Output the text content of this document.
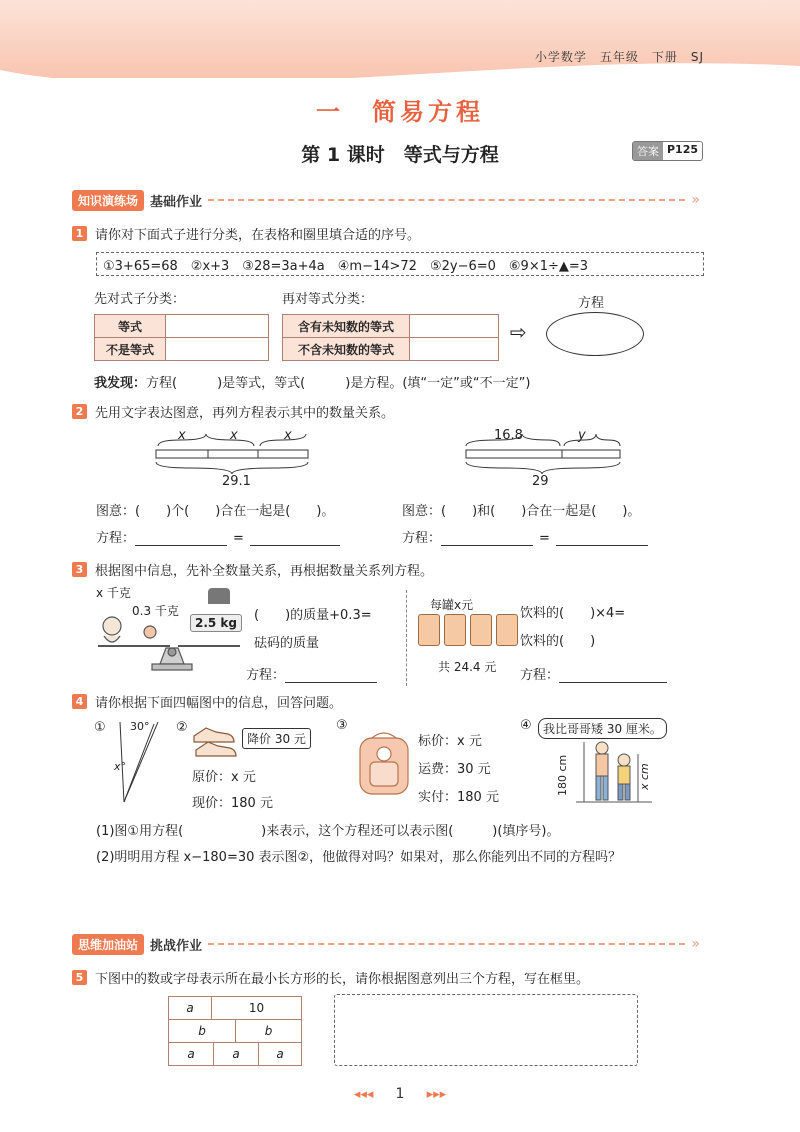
小学数学　五年级　下册　SJ
一　简易方程
第 1 课时　等式与方程	答案 P125
知识演练场 基础作业	»
1 请你对下面式子进行分类，在表格和圈里填合适的序号。
①3+65=68　②x+3　③28=3a+4a　④m−14>72　⑤2y−6=0　⑥9×1÷▲=3
先对式子分类：	再对等式分类：
等式	
不是等式	
含有未知数的等式	
不含未知数的等式	
⇨
方程
我发现：方程(	)是等式，等式(	)是方程。(填“一定”或“不一定”)
2 先用文字表达图意，再列方程表示其中的数量关系。
x	x	x
29.1
16.8	y
29
图意：(　　)个(　　)合在一起是(　　)。	图意：(　　)和(　　)合在一起是(　　)。
方程：	=	方程：	=
3 根据图中信息，先补全数量关系，再根据数量关系列方程。
x 千克
0.3 千克
2.5 kg	(　　)的质量+0.3=
砝码的质量
方程：
每罐x元
共 24.4 元
饮料的(　　)×4=
饮料的(　　)
方程：
4 请你根据下面四幅图中的信息，回答问题。
① 30°
x°
②
降价 30 元
原价：x 元
现价：180 元
③
标价：x 元
运费：30 元
实付：180 元
④ 我比哥哥矮 30 厘米。
180 cm	x cm
(1)图①用方程(　　　　　　)来表示，这个方程还可以表示图(　　　)(填序号)。
(2)明明用方程 x−180=30 表示图②，他做得对吗？如果对，那么你能列出不同的方程吗？
思维加油站 挑战作业	»
5 下图中的数或字母表示所在最小长方形的长，请你根据图意列出三个方程，写在框里。
a	10
b	b
a	a	a
◂◂◂ 1 ▸▸▸
